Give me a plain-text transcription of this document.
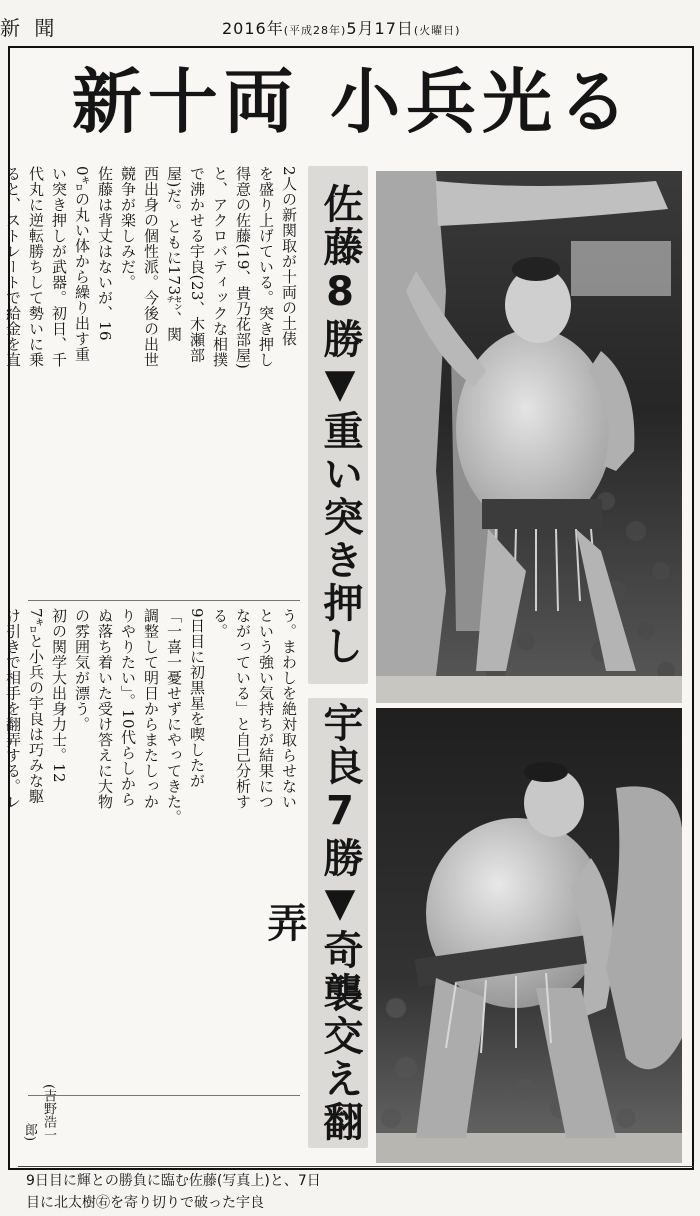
新 聞	2016年(平成28年)5月17日(火曜日)
新十両 小兵光る
2人の新関取が十両の土俵
を盛り上げている。突き押し
得意の佐藤(19、貴乃花部屋)
と、アクロバティックな相撲
で沸かせる宇良(23、木瀬部
屋)だ。ともに173㌢、関
西出身の個性派。今後の出世
競争が楽しみだ。
佐藤は背丈はないが、16
0㌔の丸い体から繰り出す重
い突き押しが武器。初日、千
代丸に逆転勝ちして勢いに乗
ると、ストレートで給金を直
う。まわしを絶対取らせない
という強い気持ちが結果につ
ながっている」と自己分析す
る。
9日目に初黒星を喫したが
「一喜一憂せずにやってきた。
調整して明日からまたしっか
りやりたい」。10代らしから
ぬ落ち着いた受け答えに大物
の雰囲気が漂う。
初の関学大出身力士。12
7㌔と小兵の宇良は巧みな駆
け引きで相手を翻弄する。レ
(吉野浩一郎)
佐藤8勝▼重い突き押し
宇良7勝▼奇襲交え翻弄
9日目に輝との勝負に臨む佐藤(写真上)と、7日
目に北太樹㊨を寄り切りで破った宇良
